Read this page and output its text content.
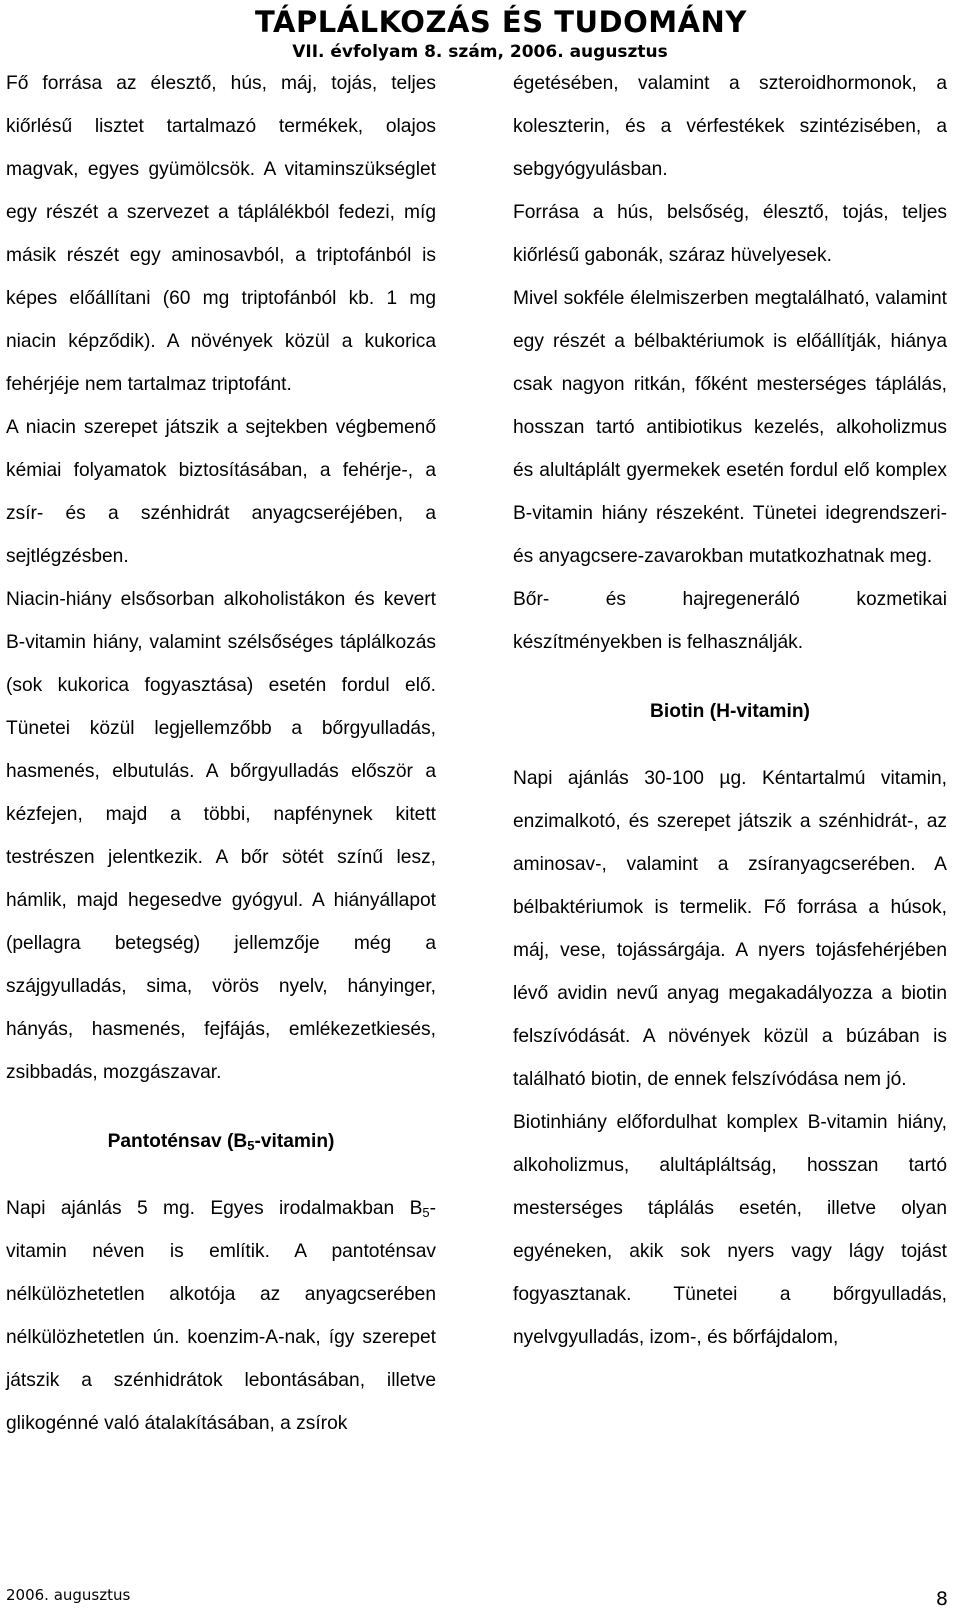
TÁPLÁLKOZÁS ÉS TUDOMÁNY
VII. évfolyam 8. szám, 2006. augusztus

Fő forrása az élesztő, hús, máj, tojás, teljes kiőrlésű lisztet tartalmazó termékek, olajos magvak, egyes gyümölcsök. A vitaminszükséglet egy részét a szervezet a táplálékból fedezi, míg másik részét egy aminosavból, a triptofánból is képes előállítani (60 mg triptofánból kb. 1 mg niacin képződik). A növények közül a kukorica fehérjéje nem tartalmaz triptofánt.

A niacin szerepet játszik a sejtekben végbemenő kémiai folyamatok biztosításában, a fehérje-, a zsír- és a szénhidrát anyagcseréjében, a sejtlégzésben.

Niacin-hiány elsősorban alkoholistákon és kevert B-vitamin hiány, valamint szélsőséges táplálkozás (sok kukorica fogyasztása) esetén fordul elő. Tünetei közül legjellemzőbb a bőrgyulladás, hasmenés, elbutulás. A bőrgyulladás először a kézfejen, majd a többi, napfénynek kitett testrészen jelentkezik. A bőr sötét színű lesz, hámlik, majd hegesedve gyógyul. A hiányállapot (pellagra betegség) jellemzője még a szájgyulladás, sima, vörös nyelv, hányinger, hányás, hasmenés, fejfájás, emlékezetkiesés, zsibbadás, mozgászavar.

Pantoténsav $(B_5-vitamin)$

Napi ajánlás 5 mg. Egyes irodalmakban $B_5$-vitamin néven is említik. A pantoténsav nélkülözhetetlen alkotója az anyagcserében nélkülözhetetlen ún. koenzim-A-nak, így szerepet játszik a szénhidrátok lebontásában, illetve glikogénné való átalakításában, a zsírok

égetésében, valamint a szteroidhormonok, a koleszterin, és a vérfestékek szintézisében, a sebgyógyulásban.

Forrása a hús, belsőség, élesztő, tojás, teljes kiőrlésű gabonák, száraz hüvelyesek.

Mivel sokféle élelmiszerben megtalálható, valamint egy részét a bélbaktériumok is előállítják, hiánya csak nagyon ritkán, főként mesterséges táplálás, hosszan tartó antibiotikus kezelés, alkoholizmus és alultáplált gyermekek esetén fordul elő komplex B-vitamin hiány részeként. Tünetei idegrendszeri- és anyagcsere-zavarokban mutatkozhatnak meg.

Bőr- és hajregeneráló kozmetikai készítményekben is felhasználják.

Biotin (H-vitamin)

Napi ajánlás 30-100 µg. Kéntartalmú vitamin, enzimalkotó, és szerepet játszik a szénhidrát-, az aminosav-, valamint a zsíranyagcserében. A bélbaktériumok is termelik. Fő forrása a húsok, máj, vese, tojássárgája. A nyers tojásfehérjében lévő avidin nevű anyag megakadályozza a biotin felszívódását. A növények közül a búzában is található biotin, de ennek felszívódása nem jó.

Biotinhiány előfordulhat komplex B-vitamin hiány, alkoholizmus, alultápláltság, hosszan tartó mesterséges táplálás esetén, illetve olyan egyéneken, akik sok nyers vagy lágy tojást fogyasztanak. Tünetei a bőrgyulladás, nyelvgyulladás, izom-, és bőrfájdalom,

2006. augusztus	8
